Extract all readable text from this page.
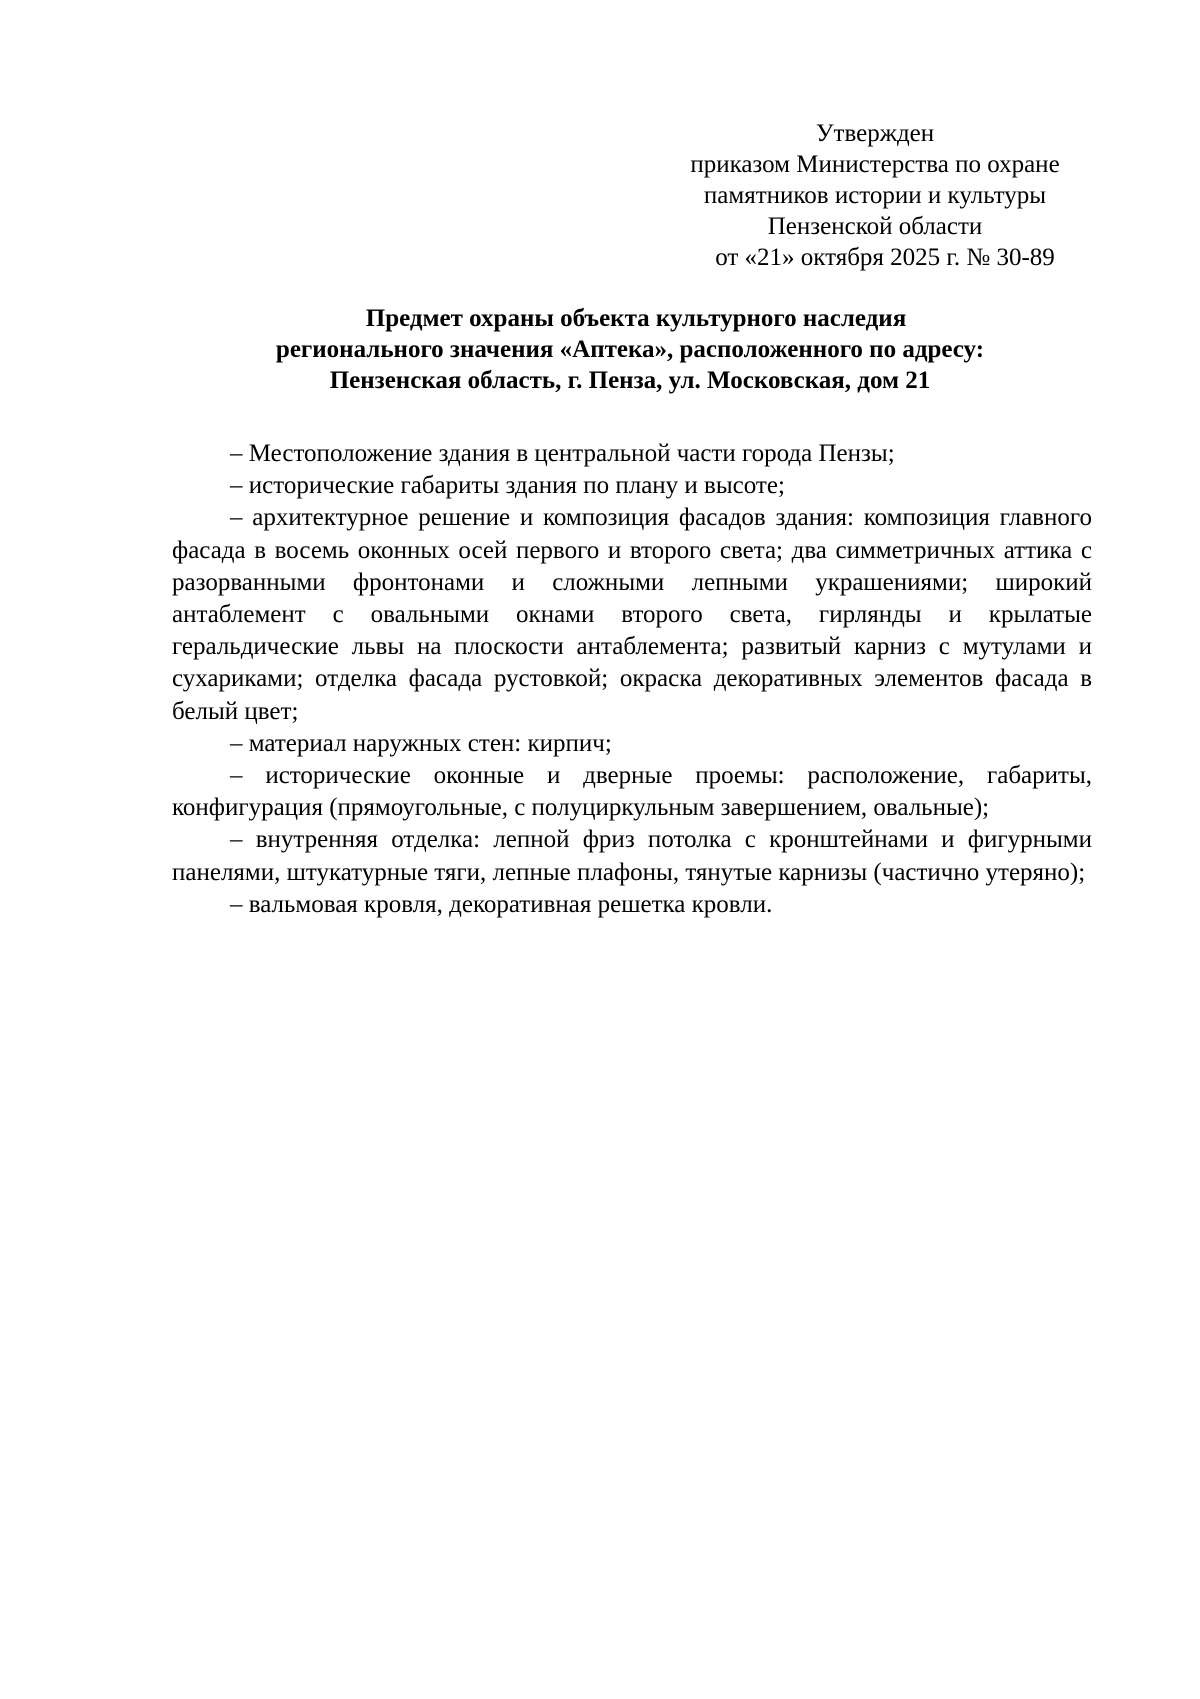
Утвержден
приказом Министерства по охране
памятников истории и культуры
Пензенской области
от «21» октября 2025 г. № 30-89
Предмет охраны объекта культурного наследия
регионального значения «Аптека», расположенного по адресу:
Пензенская область, г. Пенза, ул. Московская, дом 21

– Местоположение здания в центральной части города Пензы;

– исторические габариты здания по плану и высоте;

– архитектурное решение и композиция фасадов здания: композиция главного фасада в восемь оконных осей первого и второго света; два симметричных аттика с разорванными фронтонами и сложными лепными украшениями; широкий антаблемент с овальными окнами второго света, гирлянды и крылатые геральдические львы на плоскости антаблемента; развитый карниз с мутулами и сухариками; отделка фасада рустовкой; окраска декоративных элементов фасада в белый цвет;

– материал наружных стен: кирпич;

– исторические оконные и дверные проемы: расположение, габариты, конфигурация (прямоугольные, с полуциркульным завершением, овальные);

– внутренняя отделка: лепной фриз потолка с кронштейнами и фигурными панелями, штукатурные тяги, лепные плафоны, тянутые карнизы (частично утеряно);

– вальмовая кровля, декоративная решетка кровли.
